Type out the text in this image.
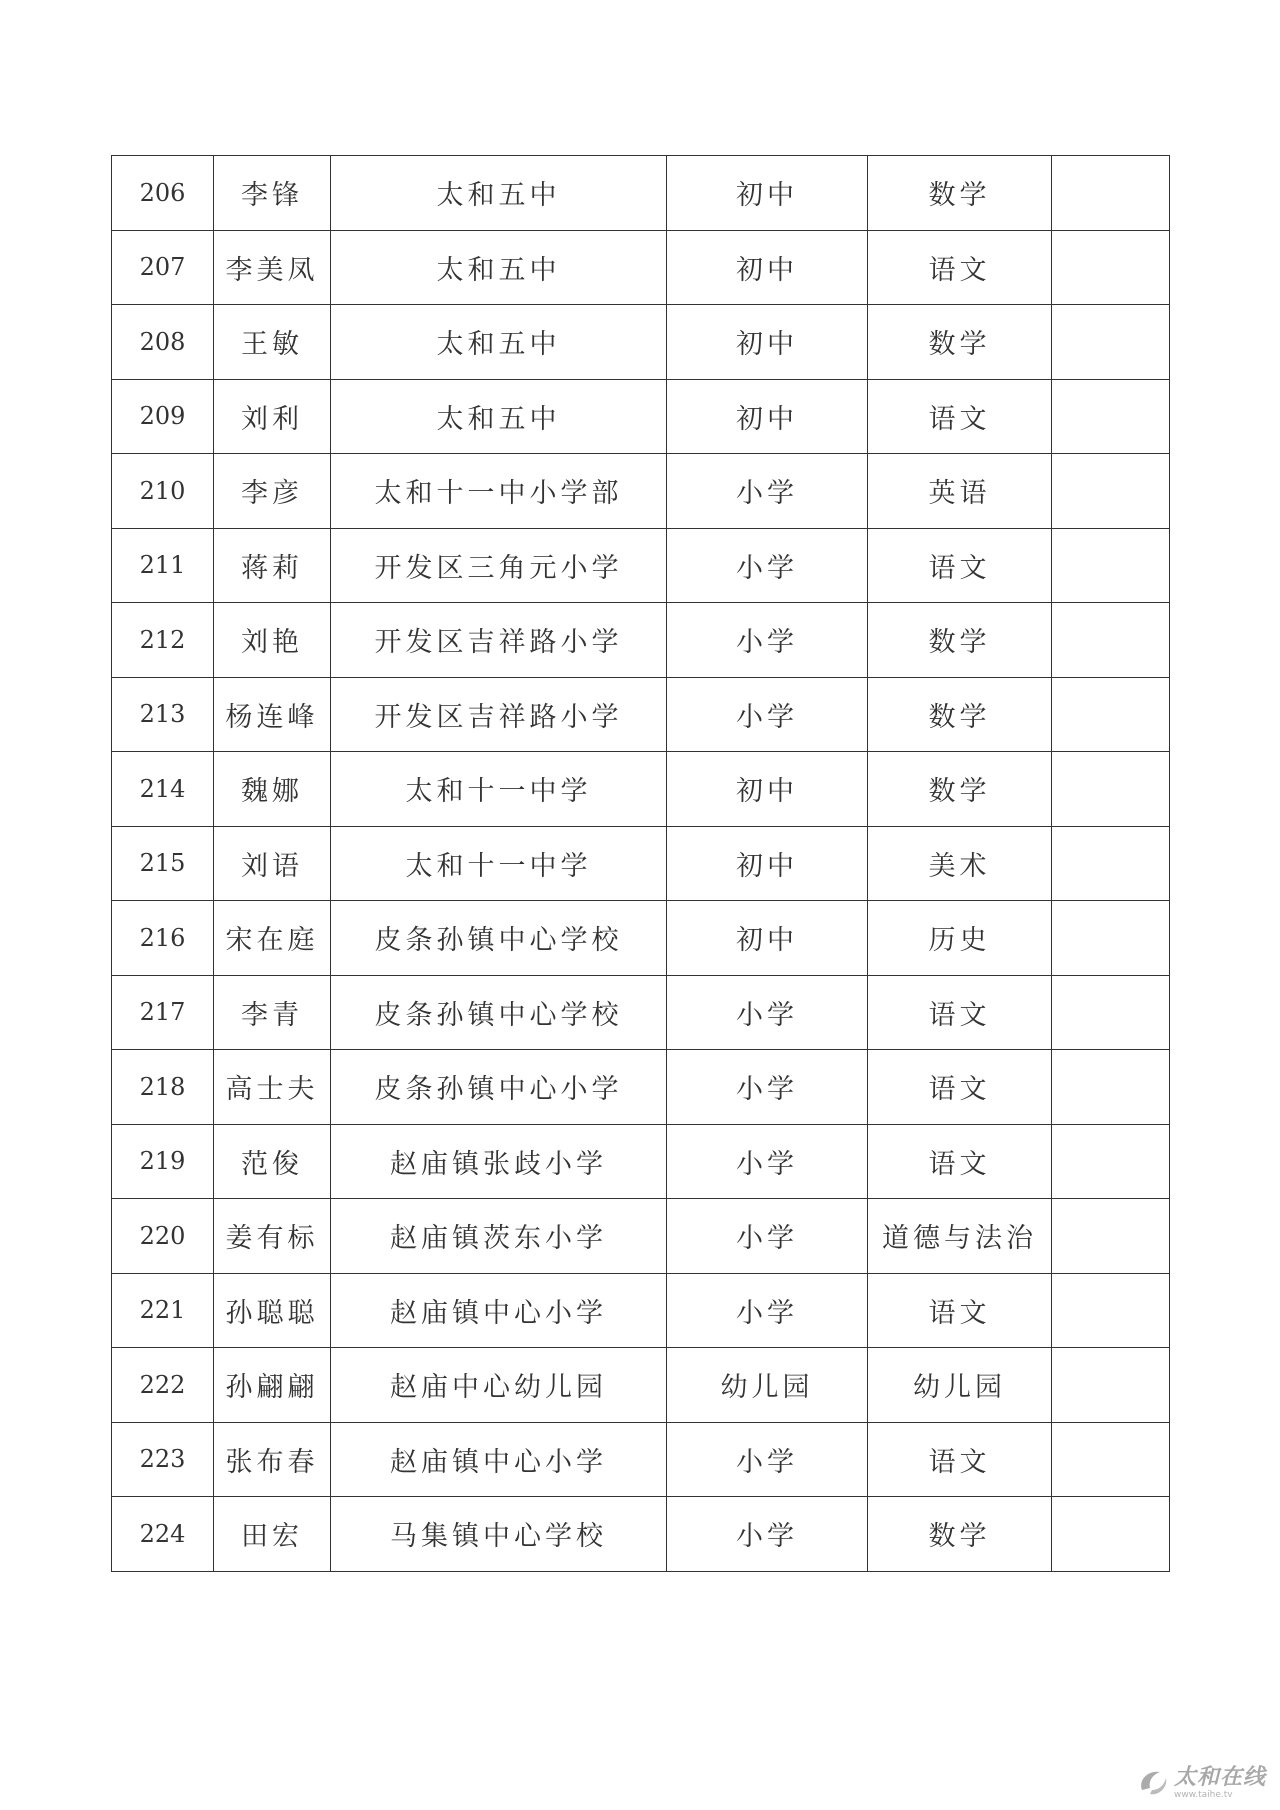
206	李锋	太和五中	初中	数学	
207	李美凤	太和五中	初中	语文	
208	王敏	太和五中	初中	数学	
209	刘利	太和五中	初中	语文	
210	李彦	太和十一中小学部	小学	英语	
211	蒋莉	开发区三角元小学	小学	语文	
212	刘艳	开发区吉祥路小学	小学	数学	
213	杨连峰	开发区吉祥路小学	小学	数学	
214	魏娜	太和十一中学	初中	数学	
215	刘语	太和十一中学	初中	美术	
216	宋在庭	皮条孙镇中心学校	初中	历史	
217	李青	皮条孙镇中心学校	小学	语文	
218	高士夫	皮条孙镇中心小学	小学	语文	
219	范俊	赵庙镇张歧小学	小学	语文	
220	姜有标	赵庙镇茨东小学	小学	道德与法治	
221	孙聪聪	赵庙镇中心小学	小学	语文	
222	孙翩翩	赵庙中心幼儿园	幼儿园	幼儿园	
223	张布春	赵庙镇中心小学	小学	语文	
224	田宏	马集镇中心学校	小学	数学	
太和在线
www.taihe.tv
